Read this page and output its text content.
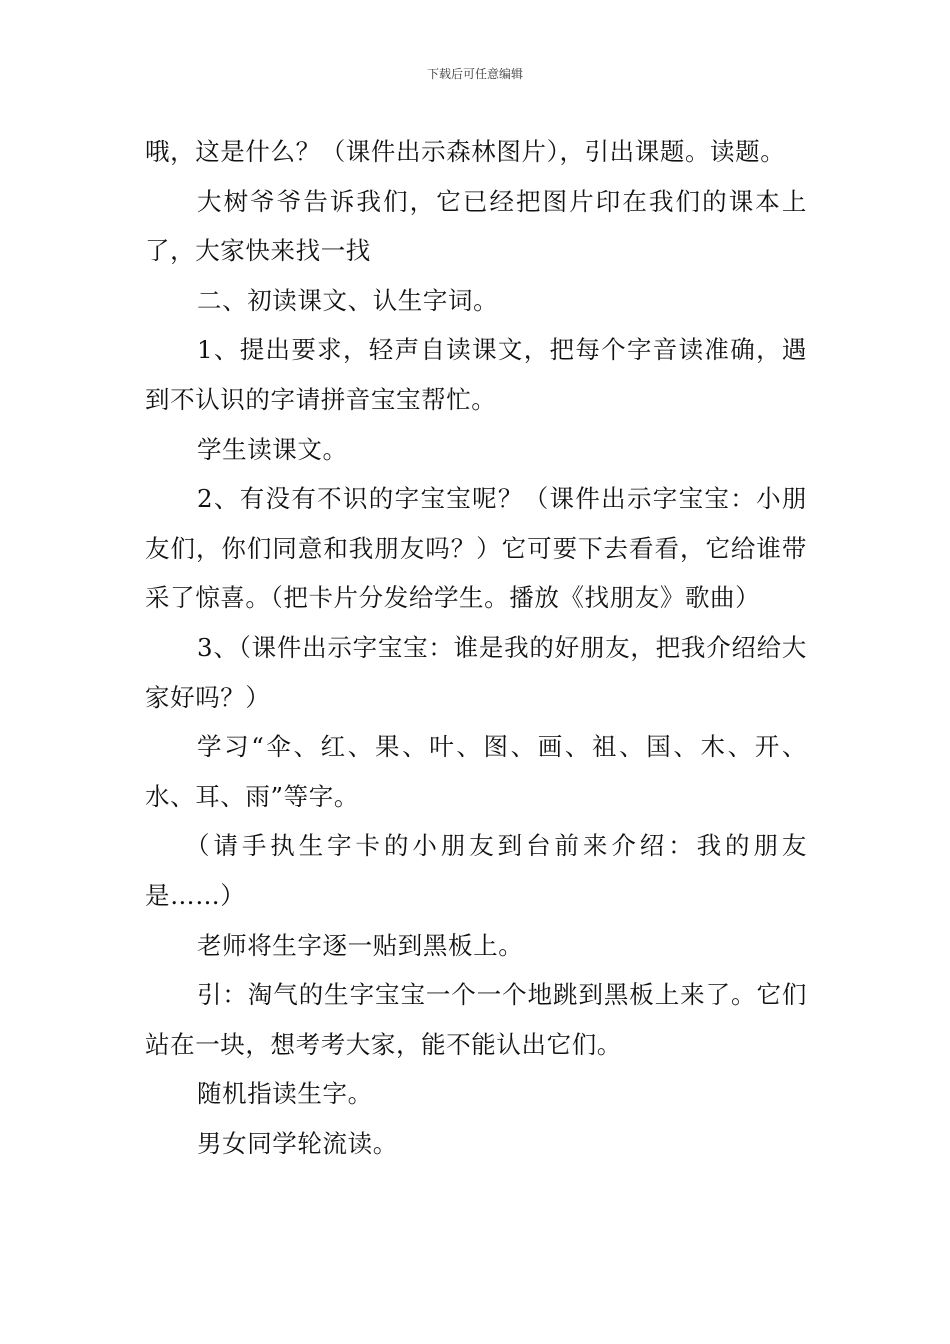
下载后可任意编辑

哦，这是什么？（课件出示森林图片），引出课题。读题。

大树爷爷告诉我们，它已经把图片印在我们的课本上了，大家快来找一找

二、初读课文、认生字词。

1、提出要求，轻声自读课文，把每个字音读准确，遇到不认识的字请拼音宝宝帮忙。

学生读课文。

2、有没有不识的字宝宝呢？（课件出示字宝宝：小朋友们，你们同意和我朋友吗？）它可要下去看看，它给谁带采了惊喜。（把卡片分发给学生。播放《找朋友》歌曲）

3、（课件出示字宝宝：谁是我的好朋友，把我介绍给大家好吗？）

学习“伞、红、果、叶、图、画、祖、国、木、开、水、耳、雨”等字。

（请手执生字卡的小朋友到台前来介绍：我的朋友是……）

老师将生字逐一贴到黑板上。

引：淘气的生字宝宝一个一个地跳到黑板上来了。它们站在一块，想考考大家，能不能认出它们。

随机指读生字。

男女同学轮流读。
